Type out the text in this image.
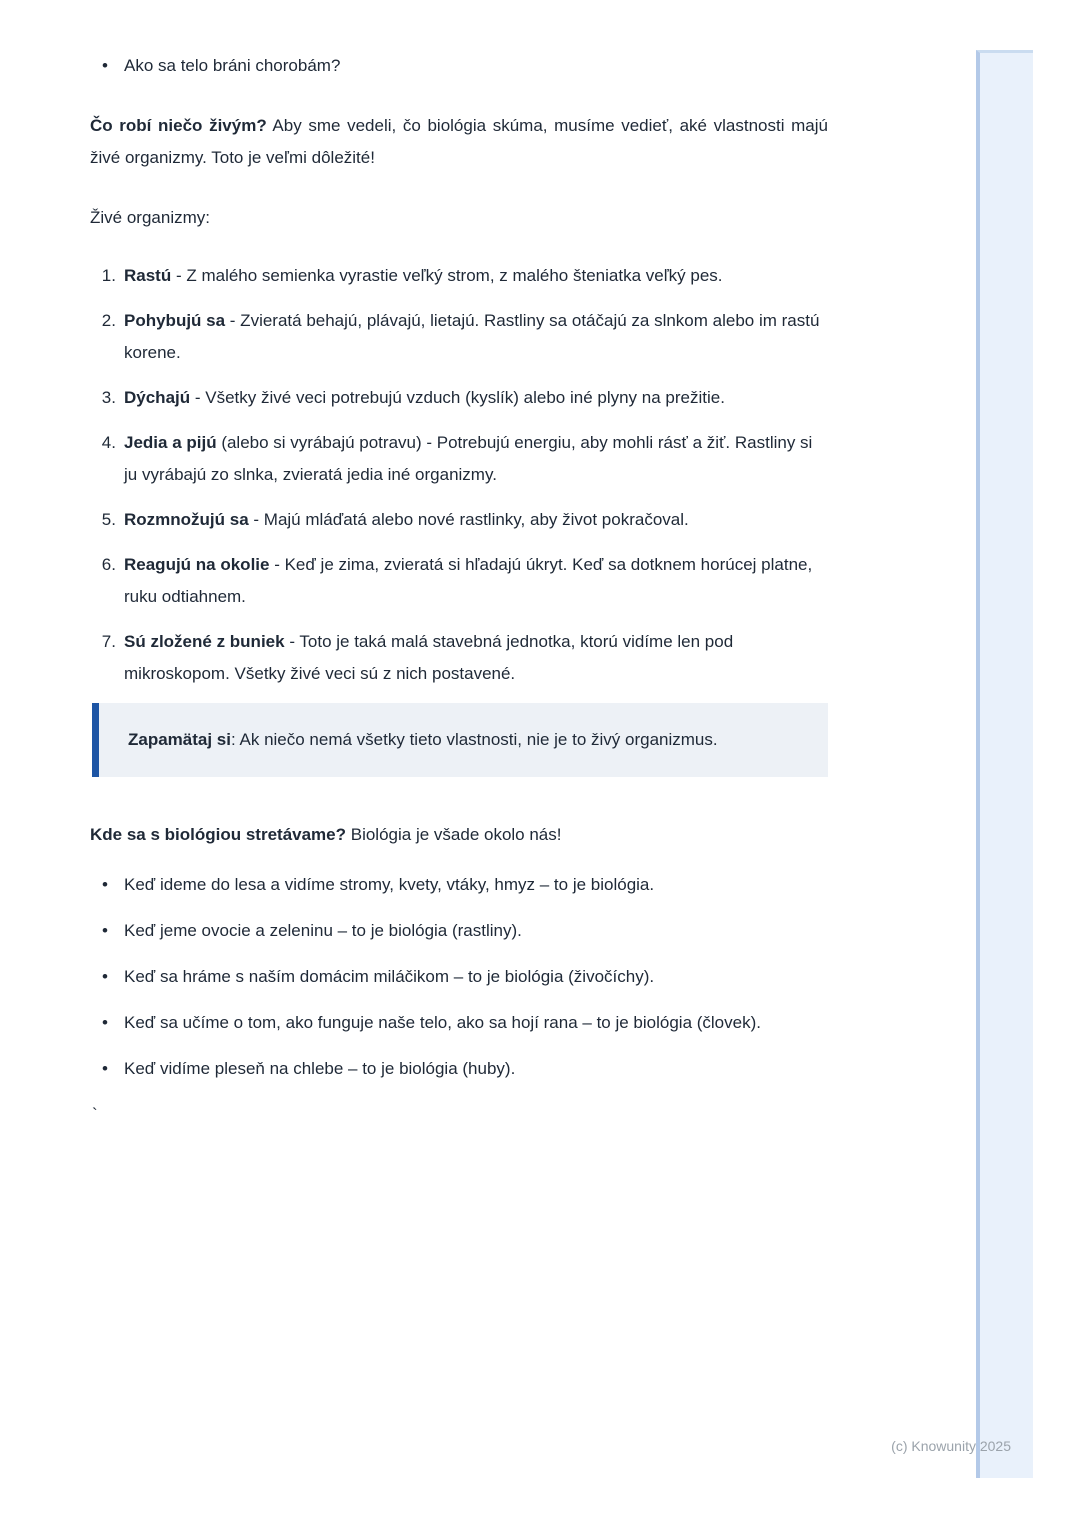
• Ako sa telo bráni chorobám?

Čo robí niečo živým? Aby sme vedeli, čo biológia skúma, musíme vedieť, aké vlastnosti majú živé organizmy. Toto je veľmi dôležité!

Živé organizmy:

Rastú - Z malého semienka vyrastie veľký strom, z malého šteniatka veľký pes.
Pohybujú sa - Zvieratá behajú, plávajú, lietajú. Rastliny sa otáčajú za slnkom alebo im rastú korene.
Dýchajú - Všetky živé veci potrebujú vzduch (kyslík) alebo iné plyny na prežitie.
Jedia a pijú (alebo si vyrábajú potravu) - Potrebujú energiu, aby mohli rásť a žiť. Rastliny si ju vyrábajú zo slnka, zvieratá jedia iné organizmy.
Rozmnožujú sa - Majú mláďatá alebo nové rastlinky, aby život pokračoval.
Reagujú na okolie - Keď je zima, zvieratá si hľadajú úkryt. Keď sa dotknem horúcej platne, ruku odtiahnem.
Sú zložené z buniek - Toto je taká malá stavebná jednotka, ktorú vidíme len pod mikroskopom. Všetky živé veci sú z nich postavené.
Zapamätaj si: Ak niečo nemá všetky tieto vlastnosti, nie je to živý organizmus.

Kde sa s biológiou stretávame? Biológia je všade okolo nás!

• Keď ideme do lesa a vidíme stromy, kvety, vtáky, hmyz – to je biológia.
• Keď jeme ovocie a zeleninu – to je biológia (rastliny).
• Keď sa hráme s naším domácim miláčikom – to je biológia (živočíchy).
• Keď sa učíme o tom, ako funguje naše telo, ako sa hojí rana – to je biológia (človek).
• Keď vidíme pleseň na chlebe – to je biológia (huby).

`

(c) Knowunity 2025
